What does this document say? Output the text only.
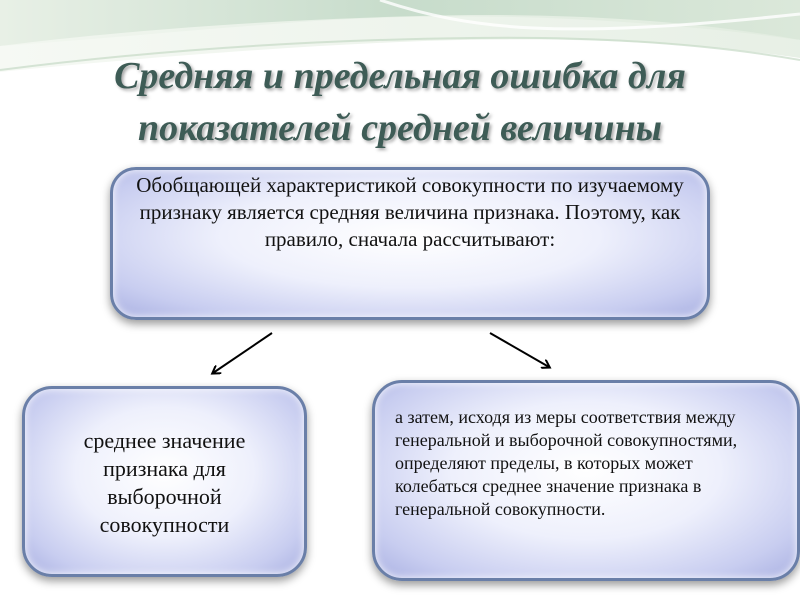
Средняя и предельная ошибка для
показателей средней величины
Обобщающей характеристикой совокупности по изучаемому признаку является средняя величина признака. Поэтому, как правило, сначала рассчитывают:
среднее значение признака для выборочной совокупности
а затем, исходя из меры соответствия между генеральной и выборочной совокупностями, определяют пределы, в которых может колебаться среднее значение признака в генеральной совокупности.
